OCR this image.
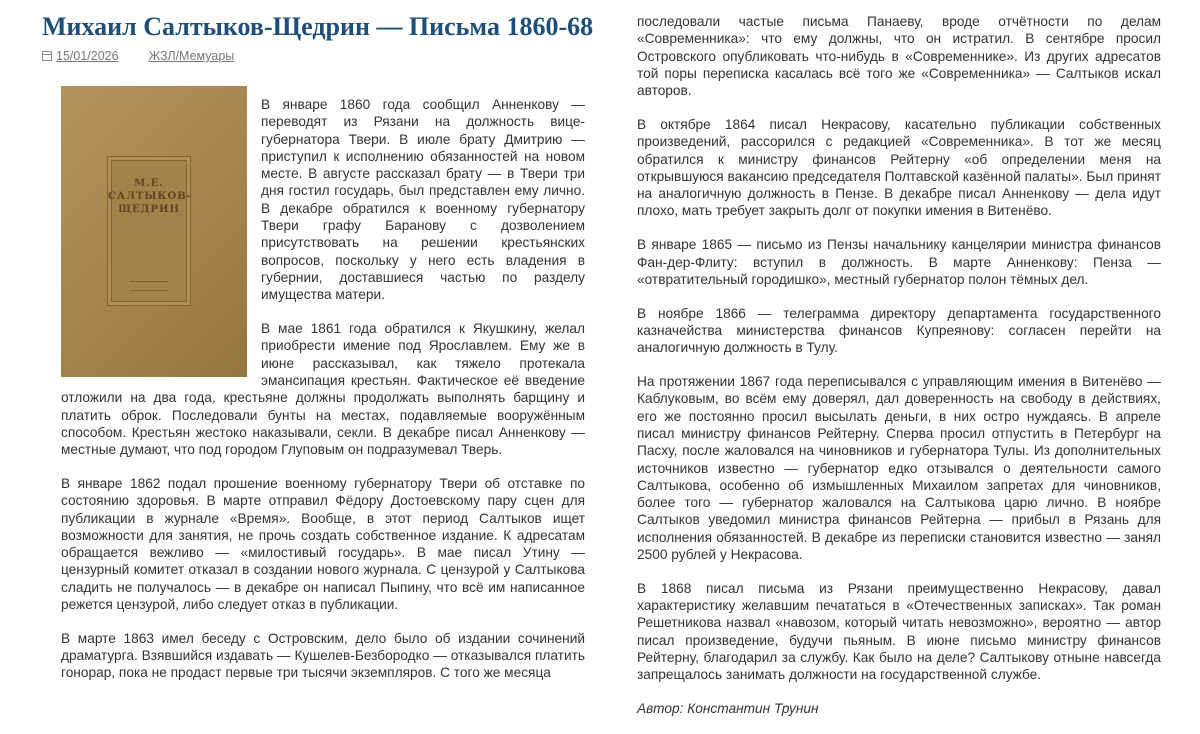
Михаил Салтыков-Щедрин — Письма 1860-68
15/01/2026 ЖЗЛ/Мемуары
М.Е.
САЛТЫКОВ-
ЩЕДРИН

В январе 1860 года сообщил Анненкову — переводят из Рязани на должность вице-губернатора Твери. В июле брату Дмитрию — приступил к исполнению обязанностей на новом месте. В августе рассказал брату — в Твери три дня гостил государь, был представлен ему лично. В декабре обратился к военному губернатору Твери графу Баранову с дозволением присутствовать на решении крестьянских вопросов, поскольку у него есть владения в губернии, доставшиеся частью по разделу имущества матери.

В мае 1861 года обратился к Якушкину, желал приобрести имение под Ярославлем. Ему же в июне рассказывал, как тяжело протекала эмансипация крестьян. Фактическое её введение отложили на два года, крестьяне должны продолжать выполнять барщину и платить оброк. Последовали бунты на местах, подавляемые вооружённым способом. Крестьян жестоко наказывали, секли. В декабре писал Анненкову — местные думают, что под городом Глуповым он подразумевал Тверь.

В январе 1862 подал прошение военному губернатору Твери об отставке по состоянию здоровья. В марте отправил Фёдору Достоевскому пару сцен для публикации в журнале «Время». Вообще, в этот период Салтыков ищет возможности для занятия, не прочь создать собственное издание. К адресатам обращается вежливо — «милостивый государь». В мае писал Утину — цензурный комитет отказал в создании нового журнала. С цензурой у Салтыкова сладить не получалось — в декабре он написал Пыпину, что всё им написанное режется цензурой, либо следует отказ в публикации.

В марте 1863 имел беседу с Островским, дело было об издании сочинений драматурга. Взявшийся издавать — Кушелев-Безбородко — отказывался платить гонорар, пока не продаст первые три тысячи экземпляров. С того же месяца

последовали частые письма Панаеву, вроде отчётности по делам «Современника»: что ему должны, что он истратил. В сентябре просил Островского опубликовать что-нибудь в «Современнике». Из других адресатов той поры переписка касалась всё того же «Современника» — Салтыков искал авторов.

В октябре 1864 писал Некрасову, касательно публикации собственных произведений, рассорился с редакцией «Современника». В тот же месяц обратился к министру финансов Рейтерну «об определении меня на открывшуюся вакансию председателя Полтавской казённой палаты». Был принят на аналогичную должность в Пензе. В декабре писал Анненкову — дела идут плохо, мать требует закрыть долг от покупки имения в Витенёво.

В январе 1865 — письмо из Пензы начальнику канцелярии министра финансов Фан-дер-Флиту: вступил в должность. В марте Анненкову: Пенза — «отвратительный городишко», местный губернатор полон тёмных дел.

В ноябре 1866 — телеграмма директору департамента государственного казначейства министерства финансов Купреянову: согласен перейти на аналогичную должность в Тулу.

На протяжении 1867 года переписывался с управляющим имения в Витенёво — Каблуковым, во всём ему доверял, дал доверенность на свободу в действиях, его же постоянно просил высылать деньги, в них остро нуждаясь. В апреле писал министру финансов Рейтерну. Сперва просил отпустить в Петербург на Пасху, после жаловался на чиновников и губернатора Тулы. Из дополнительных источников известно — губернатор едко отзывался о деятельности самого Салтыкова, особенно об измышленных Михаилом запретах для чиновников, более того — губернатор жаловался на Салтыкова царю лично. В ноябре Салтыков уведомил министра финансов Рейтерна — прибыл в Рязань для исполнения обязанностей. В декабре из переписки становится известно — занял 2500 рублей у Некрасова.

В 1868 писал письма из Рязани преимущественно Некрасову, давал характеристику желавшим печататься в «Отечественных записках». Так роман Решетникова назвал «навозом, который читать невозможно», вероятно — автор писал произведение, будучи пьяным. В июне письмо министру финансов Рейтерну, благодарил за службу. Как было на деле? Салтыкову отныне навсегда запрещалось занимать должности на государственной службе.

Автор: Константин Трунин
